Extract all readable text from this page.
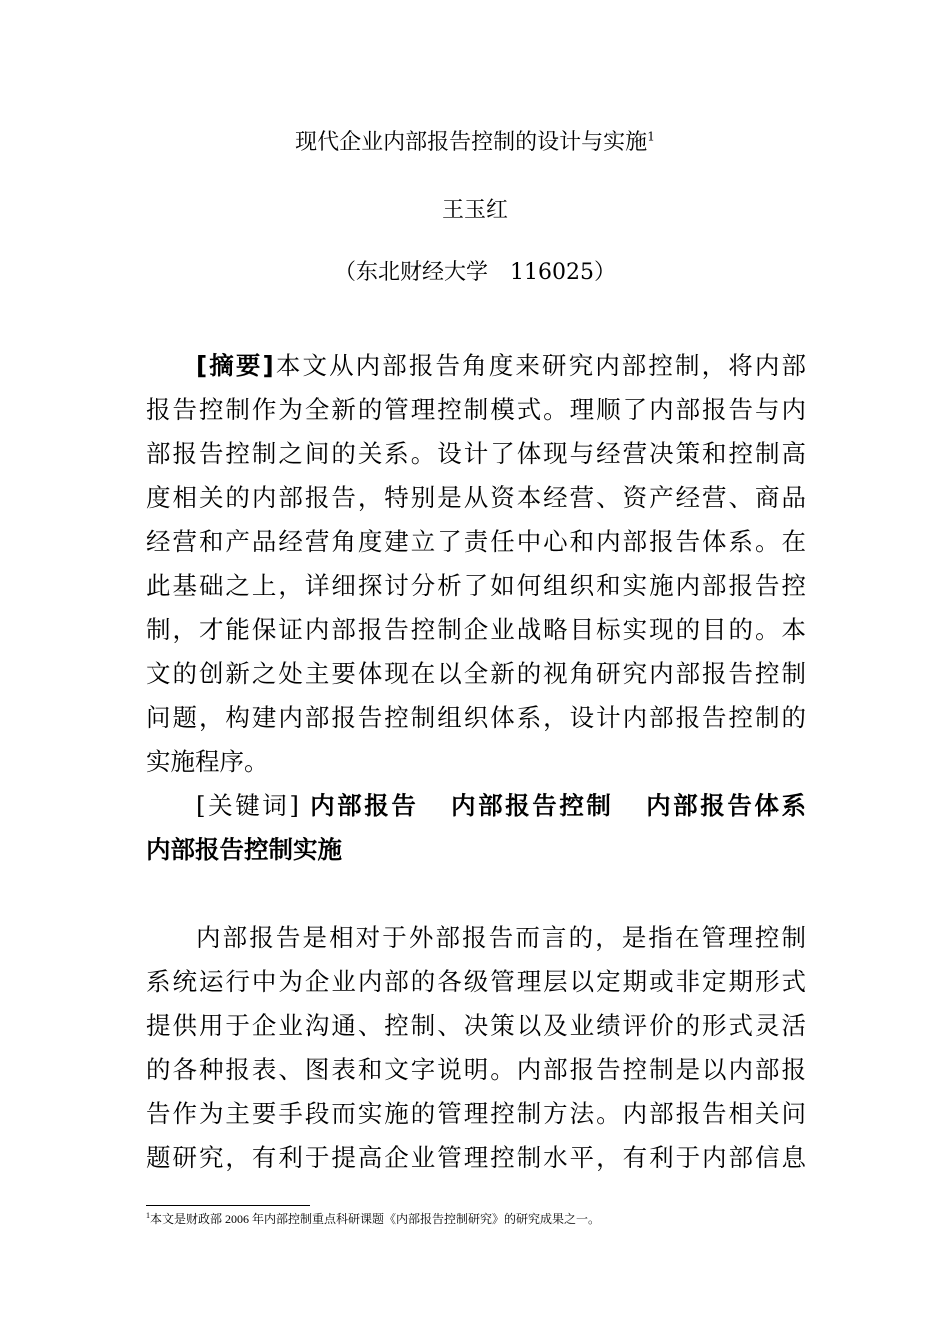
现代企业内部报告控制的设计与实施$^1$
王玉红
（东北财经大学　116025）
[摘要]本文从内部报告角度来研究内部控制，将内部
报告控制作为全新的管理控制模式。理顺了内部报告与内
部报告控制之间的关系。设计了体现与经营决策和控制高
度相关的内部报告，特别是从资本经营、资产经营、商品
经营和产品经营角度建立了责任中心和内部报告体系。在
此基础之上，详细探讨分析了如何组织和实施内部报告控
制，才能保证内部报告控制企业战略目标实现的目的。本
文的创新之处主要体现在以全新的视角研究内部报告控制
问题，构建内部报告控制组织体系，设计内部报告控制的
实施程序。
[关键词] 内部报告 内部报告控制 内部报告体系
内部报告控制实施
内部报告是相对于外部报告而言的，是指在管理控制
系统运行中为企业内部的各级管理层以定期或非定期形式
提供用于企业沟通、控制、决策以及业绩评价的形式灵活
的各种报表、图表和文字说明。内部报告控制是以内部报
告作为主要手段而实施的管理控制方法。内部报告相关问
题研究，有利于提高企业管理控制水平，有利于内部信息
$^1$本文是财政部 2006 年内部控制重点科研课题《内部报告控制研究》的研究成果之一。
